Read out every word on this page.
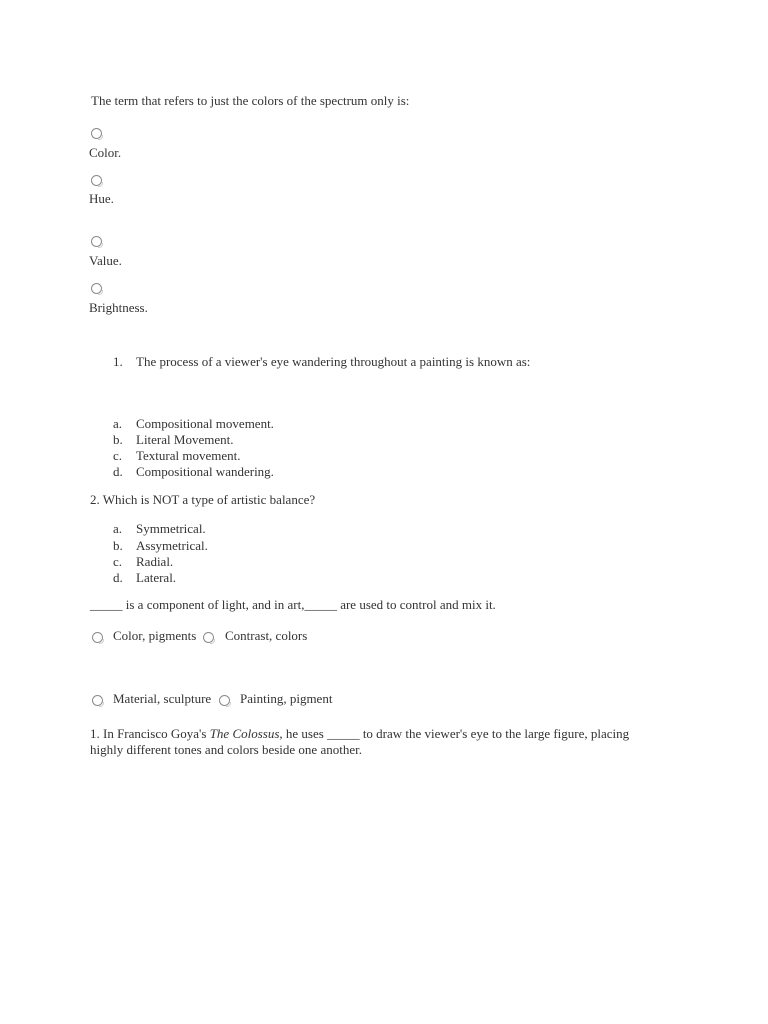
The term that refers to just the colors of the spectrum only is:
Color.
Hue.
Value.
Brightness.
1. The process of a viewer's eye wandering throughout a painting is known as:
a. Compositional movement.
b. Literal Movement.
c. Textural movement.
d. Compositional wandering.
2. Which is NOT a type of artistic balance?
a. Symmetrical.
b. Assymetrical.
c. Radial.
d. Lateral.
_____ is a component of light, and in art,_____ are used to control and mix it.
Color, pigments Contrast, colors
Material, sculpture Painting, pigment
1. In Francisco Goya's The Colossus, he uses _____ to draw the viewer's eye to the large figure, placing
highly different tones and colors beside one another.
